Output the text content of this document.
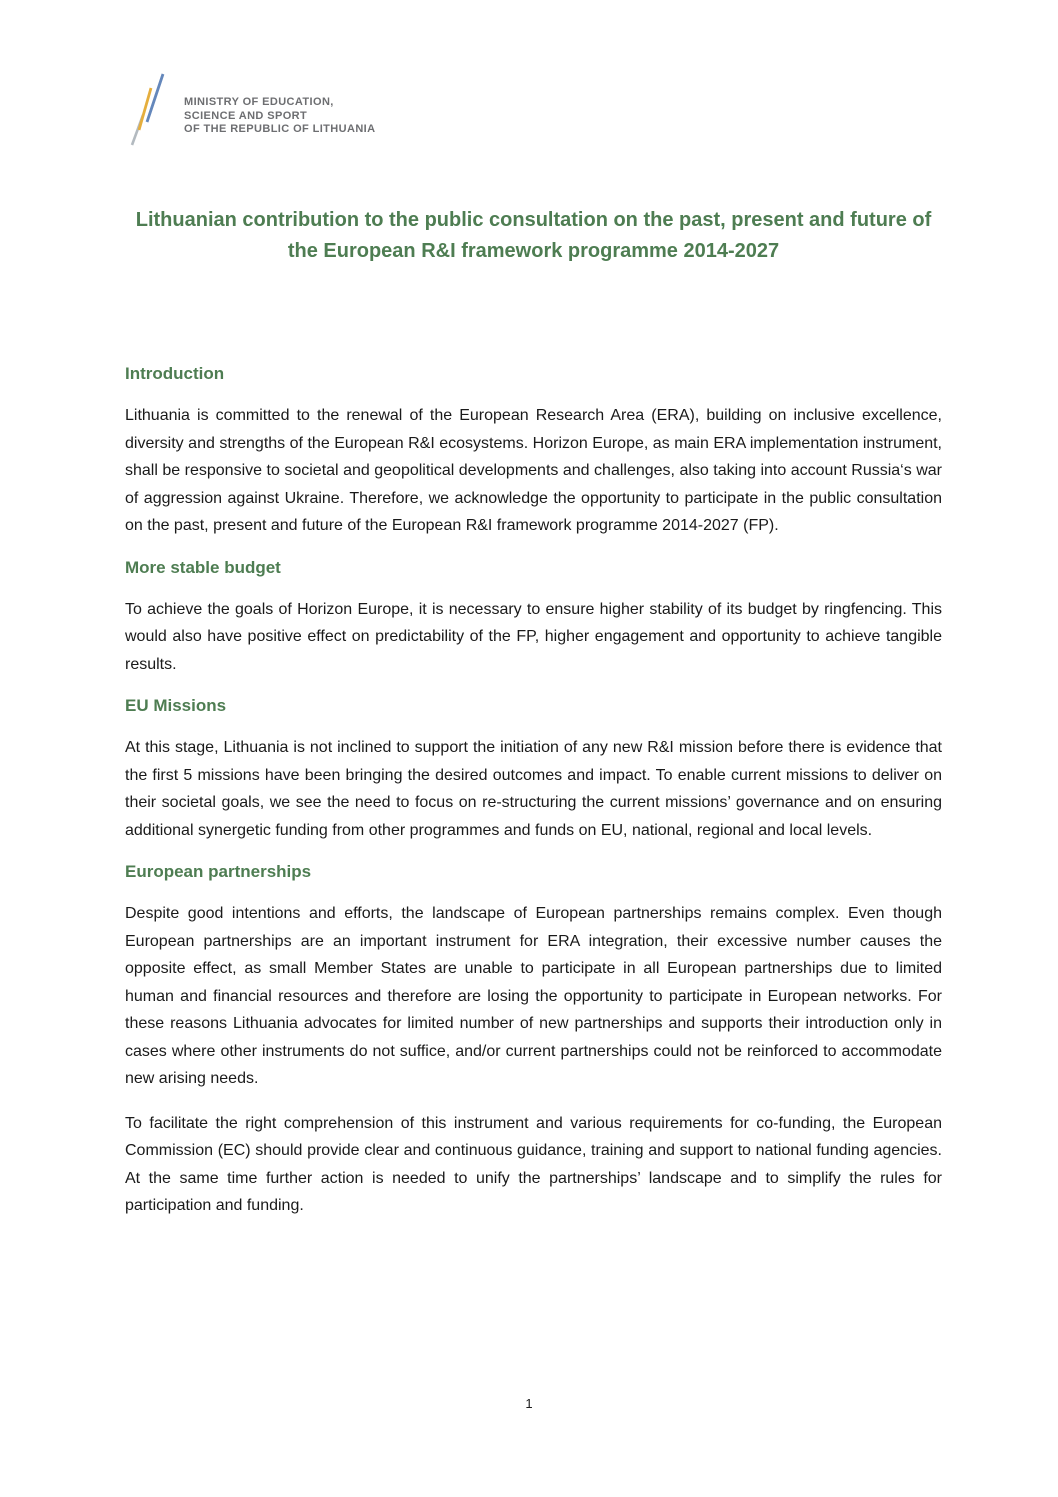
MINISTRY OF EDUCATION,
SCIENCE AND SPORT
OF THE REPUBLIC OF LITHUANIA
Lithuanian contribution to the public consultation on the past, present and future of the European R&I framework programme 2014-2027
Introduction

Lithuania is committed to the renewal of the European Research Area (ERA), building on inclusive excellence, diversity and strengths of the European R&I ecosystems. Horizon Europe, as main ERA implementation instrument, shall be responsive to societal and geopolitical developments and challenges, also taking into account Russia‘s war of aggression against Ukraine. Therefore, we acknowledge the opportunity to participate in the public consultation on the past, present and future of the European R&I framework programme 2014-2027 (FP).

More stable budget

To achieve the goals of Horizon Europe, it is necessary to ensure higher stability of its budget by ringfencing. This would also have positive effect on predictability of the FP, higher engagement and opportunity to achieve tangible results.

EU Missions

At this stage, Lithuania is not inclined to support the initiation of any new R&I mission before there is evidence that the first 5 missions have been bringing the desired outcomes and impact. To enable current missions to deliver on their societal goals, we see the need to focus on re-structuring the current missions’ governance and on ensuring additional synergetic funding from other programmes and funds on EU, national, regional and local levels.

European partnerships

Despite good intentions and efforts, the landscape of European partnerships remains complex. Even though European partnerships are an important instrument for ERA integration, their excessive number causes the opposite effect, as small Member States are unable to participate in all European partnerships due to limited human and financial resources and therefore are losing the opportunity to participate in European networks. For these reasons Lithuania advocates for limited number of new partnerships and supports their introduction only in cases where other instruments do not suffice, and/or current partnerships could not be reinforced to accommodate new arising needs.

To facilitate the right comprehension of this instrument and various requirements for co-funding, the European Commission (EC) should provide clear and continuous guidance, training and support to national funding agencies. At the same time further action is needed to unify the partnerships’ landscape and to simplify the rules for participation and funding.

1
